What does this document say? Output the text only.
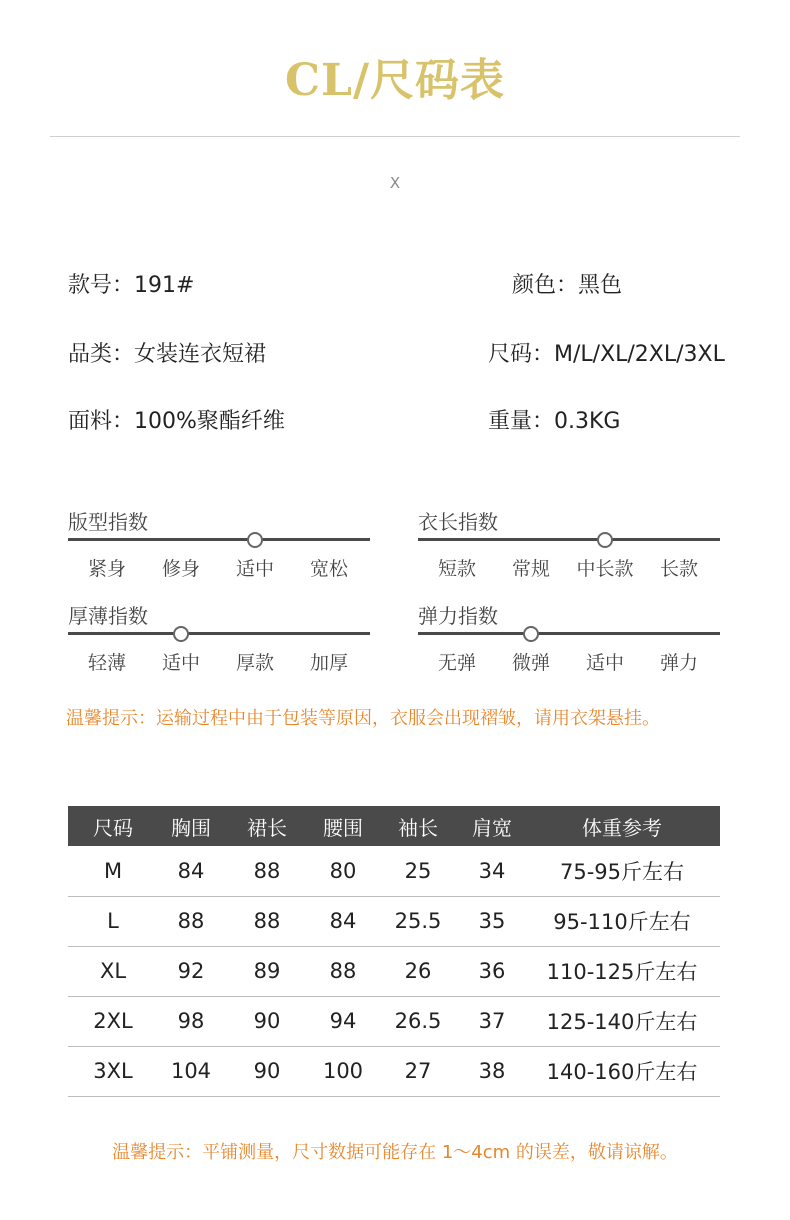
CL/尺码表
X
款号：191#	颜色：黑色
品类：女装连衣短裙	尺码：M/L/XL/2XL/3XL
面料：100%聚酯纤维	重量：0.3KG
版型指数
紧身	修身	适中	宽松
衣长指数
短款	常规	中长款	长款
厚薄指数
轻薄	适中	厚款	加厚
弹力指数
无弹	微弹	适中	弹力
温馨提示：运输过程中由于包装等原因，衣服会出现褶皱，请用衣架悬挂。
尺码	胸围	裙长	腰围	袖长	肩宽	体重参考
M	84	88	80	25	34	75-95斤左右
L	88	88	84	25.5	35	95-110斤左右
XL	92	89	88	26	36	110-125斤左右
2XL	98	90	94	26.5	37	125-140斤左右
3XL	104	90	100	27	38	140-160斤左右
温馨提示：平铺测量，尺寸数据可能存在 1～4cm 的误差，敬请谅解。
